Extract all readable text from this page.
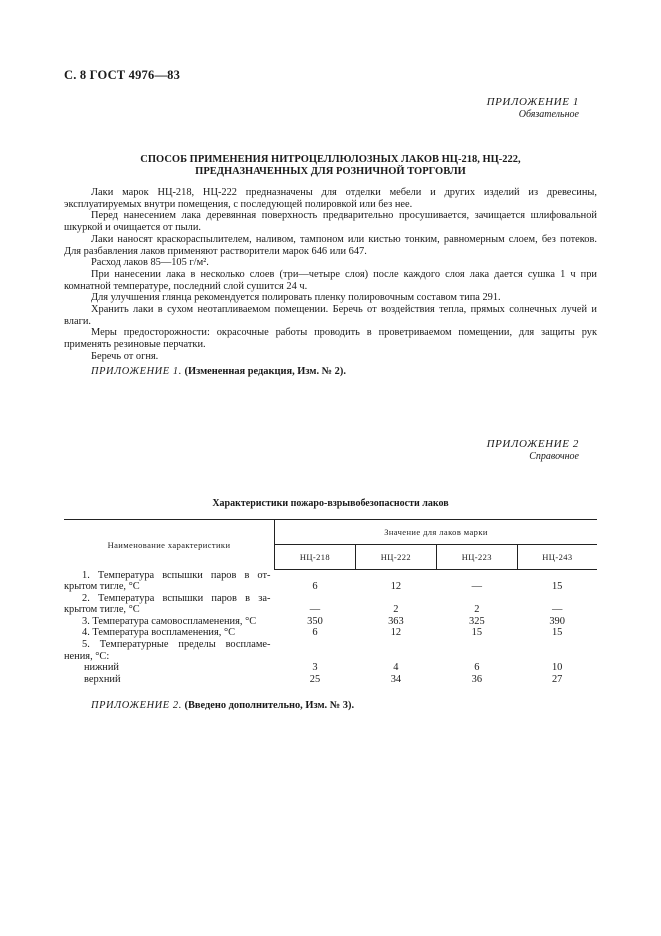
С. 8 ГОСТ 4976—83
ПРИЛОЖЕНИЕ 1
Обязательное
СПОСОБ ПРИМЕНЕНИЯ НИТРОЦЕЛЛЮЛОЗНЫХ ЛАКОВ НЦ-218, НЦ-222,
ПРЕДНАЗНАЧЕННЫХ ДЛЯ РОЗНИЧНОЙ ТОРГОВЛИ

Лаки марок НЦ-218, НЦ-222 предназначены для отделки мебели и других изделий из древесины, эксплуатируемых внутри помещения, с последующей полировкой или без нее.

Перед нанесением лака деревянная поверхность предварительно просушивается, зачищается шлифовальной шкуркой и очищается от пыли.

Лаки наносят краскораспылителем, наливом, тампоном или кистью тонким, равномерным слоем, без потеков. Для разбавления лаков применяют растворители марок 646 или 647.

Расход лаков 85—105 г/м².

При нанесении лака в несколько слоев (три—четыре слоя) после каждого слоя лака дается сушка 1 ч при комнатной температуре, последний слой сушится 24 ч.

Для улучшения глянца рекомендуется полировать пленку полировочным составом типа 291.

Хранить лаки в сухом неотапливаемом помещении. Беречь от воздействия тепла, прямых солнечных лучей и влаги.

Меры предосторожности: окрасочные работы проводить в проветриваемом помещении, для защиты рук применять резиновые перчатки.

Беречь от огня.

ПРИЛОЖЕНИЕ 1. (Измененная редакция, Изм. № 2).
ПРИЛОЖЕНИЕ 2
Справочное
Характеристики пожаро-взрывобезопасности лаков
Наименование характеристики	Значение для лаков марки			
	НЦ-218	НЦ-222	НЦ-223	НЦ-243

1. Температура вспышки паров в открытом тигле, °С	6	12	—	15

2. Температура вспышки паров в закрытом тигле, °С	—	2	2	—

3. Температура самовоспламенения, °С	350	363	325	390

4. Температура воспламенения, °С	6	12	15	15

5. Температурные пределы воспламенения, °С:				

нижний	3	4	6	10

верхний	25	34	36	27
ПРИЛОЖЕНИЕ 2. (Введено дополнительно, Изм. № 3).
